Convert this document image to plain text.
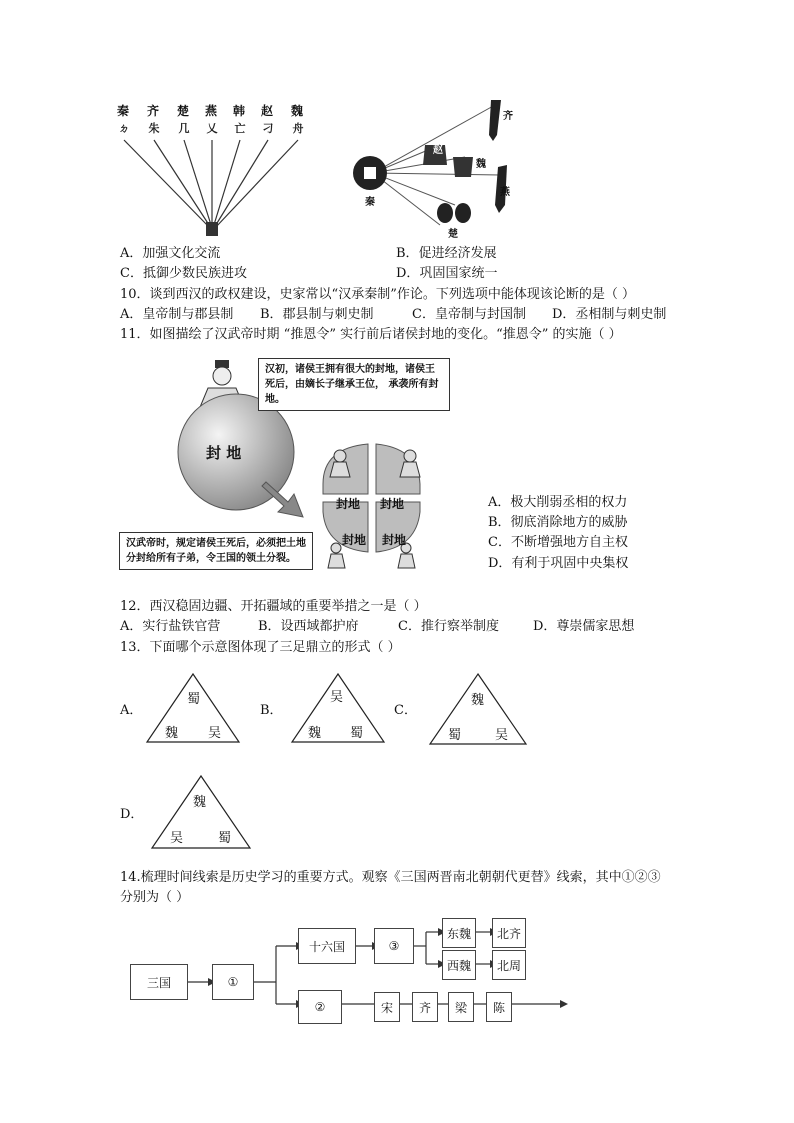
ㄉ 朱 几 乂 亡 刁 舟
秦 齐 楚 燕 韩 赵 魏	齐
赵
魏
燕
秦
楚
A．加强文化交流	B．促进经济发展
C．抵御少数民族进攻	D．巩固国家统一
10．谈到西汉的政权建设，史家常以“汉承秦制”作论。下列选项中能体现该论断的是（ ）
A．皇帝制与郡县制 B．郡县制与刺史制	C．皇帝制与封国制 D．丞相制与刺史制
11．如图描绘了汉武帝时期 “推恩令” 实行前后诸侯封地的变化。“推恩令” 的实施（ ）
封 地
封地 封地
封地 封地
汉初，诸侯王拥有很大的封地，诸侯王死后，由嫡长子继承王位， 承袭所有封地。
汉武帝时，规定诸侯王死后，必须把土地分封给所有子弟，令王国的领土分裂。
A．极大削弱丞相的权力
B．彻底消除地方的威胁
C．不断增强地方自主权
D．有利于巩固中央集权
12．西汉稳固边疆、开拓疆域的重要举措之一是（ ）
A．实行盐铁官营	B．设西域都护府	C．推行察举制度	D．尊崇儒家思想
13．下面哪个示意图体现了三足鼎立的形式（ ）
A．
蜀
魏 吴
B．
吴
魏 蜀
C．
魏
蜀	吴
D．
魏
吴	蜀
14.梳理时间线索是历史学习的重要方式。观察《三国两晋南北朝朝代更替》线索，其中①②③
分别为（ ）
三国	①
十六国	③
东魏	北齐
西魏	北周
②	宋	齐	梁	陈
